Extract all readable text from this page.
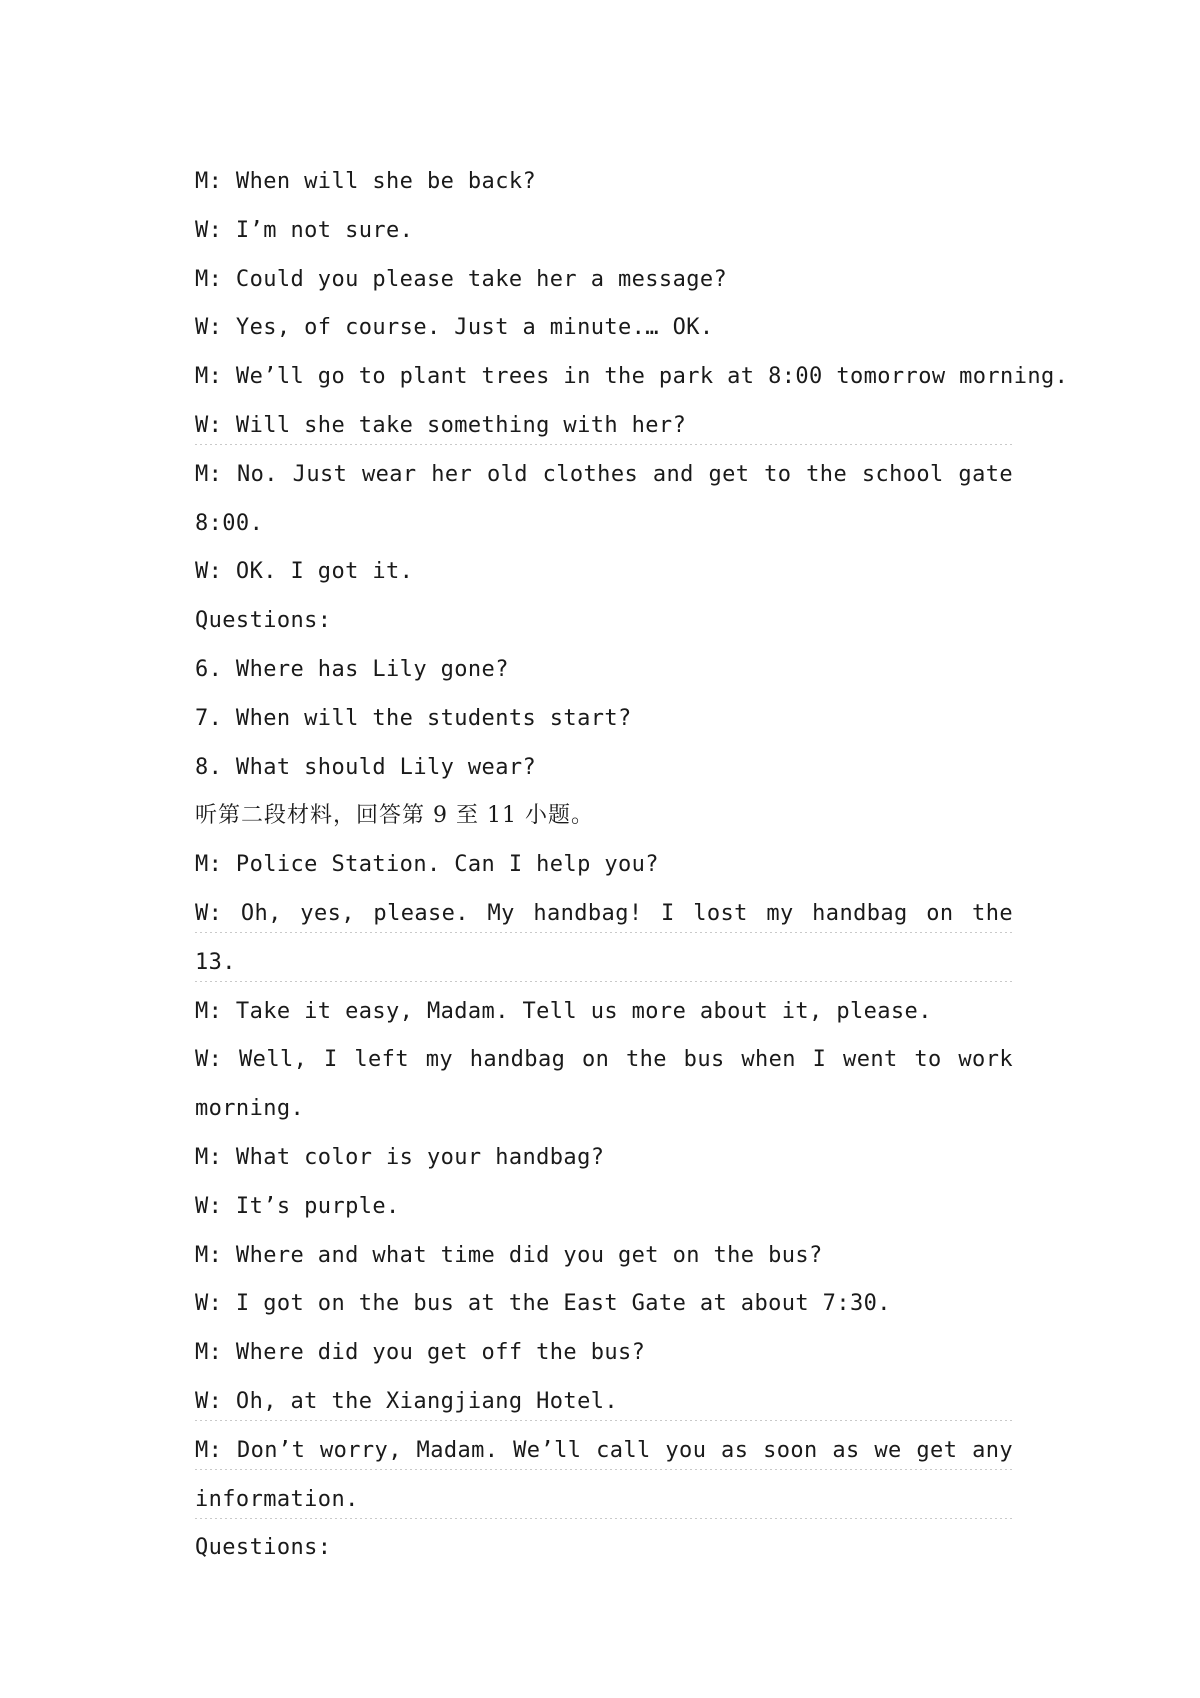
M: When will she be back?
W: I’m not sure.
M: Could you please take her a message?
W: Yes, of course. Just a minute.… OK.
M: We’ll go to plant trees in the park at 8:00 tomorrow morning.
W: Will she take something with her?
M: No. Just wear her old clothes and get to the school gate
8:00.
W: OK. I got it.
Questions:
6. Where has Lily gone?
7. When will the students start?
8. What should Lily wear?
听第二段材料，回答第 9 至 11 小题。
M: Police Station. Can I help you?
W: Oh, yes, please. My handbag! I lost my handbag on the
13.
M: Take it easy, Madam. Tell us more about it, please.
W: Well, I left my handbag on the bus when I went to work
morning.
M: What color is your handbag?
W: It’s purple.
M: Where and what time did you get on the bus?
W: I got on the bus at the East Gate at about 7:30.
M: Where did you get off the bus?
W: Oh, at the Xiangjiang Hotel.
M: Don’t worry, Madam. We’ll call you as soon as we get any
information.
Questions:
